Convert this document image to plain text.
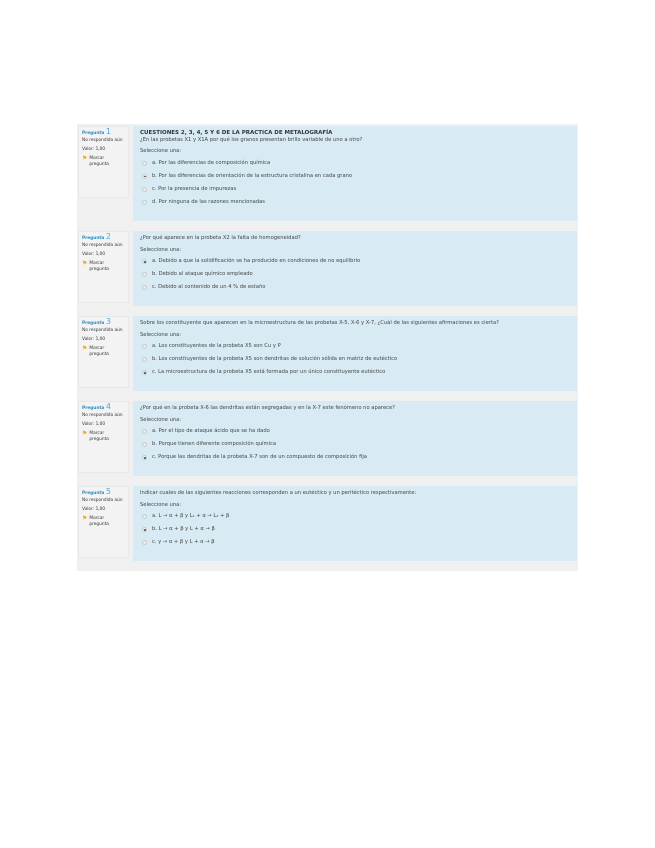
Pregunta 1
No respondida aún
Valor: 1,00
⚑ Marcar pregunta
CUESTIONES 2, 3, 4, 5 Y 6 DE LA PRACTICA DE METALOGRAFÍA
¿En las probetas X1 y X1A por qué los granos presentan brillo variable de uno a otro?
Seleccione una:
a. Por las diferencias de composición química
b. Por las diferencias de orientación de la estructura cristalina en cada grano
c. Por la presencia de impurezas
d. Por ninguna de las razones mencionadas
Pregunta 2
No respondida aún
Valor: 1,00
⚑ Marcar pregunta
¿Por qué aparece en la probeta X2 la falta de homogeneidad?
Seleccione una:
a. Debido a que la solidificación se ha producido en condiciones de no equilibrio
b. Debido al ataque químico empleado
c. Debido al contenido de un 4 % de estaño
Pregunta 3
No respondida aún
Valor: 1,00
⚑ Marcar pregunta
Sobre los constituyente que aparecen en la microestructura de las probetas X-5, X-6 y X-7, ¿Cuál de las siguientes afirmaciones es cierta?
Seleccione una:
a. Los constituyentes de la probeta X5 son Cu y P
b. Los constituyentes de la probeta X5 son dendritas de solución sólida en matriz de eutéctico
c. La microestructura de la probeta X5 está formada por un único constituyente eutéctico
Pregunta 4
No respondida aún
Valor: 1,00
⚑ Marcar pregunta
¿Por qué en la probeta X-6 las dendritas están segregadas y en la X-7 este fenómeno no aparece?
Seleccione una:
a. Por el tipo de ataque ácido que se ha dado
b. Porque tienen diferente composición química
c. Porque las dendritas de la probeta X-7 son de un compuesto de composición fija
Pregunta 5
No respondida aún
Valor: 1,00
⚑ Marcar pregunta
Indicar cuales de las siguientes reacciones corresponden a un eutéctico y un peritéctico respectivamente:
Seleccione una:
a. L → α + β y L₁ + α → L₂ + β
b. L → α + β y L + α → β
c. γ → α + β y L + α → β
